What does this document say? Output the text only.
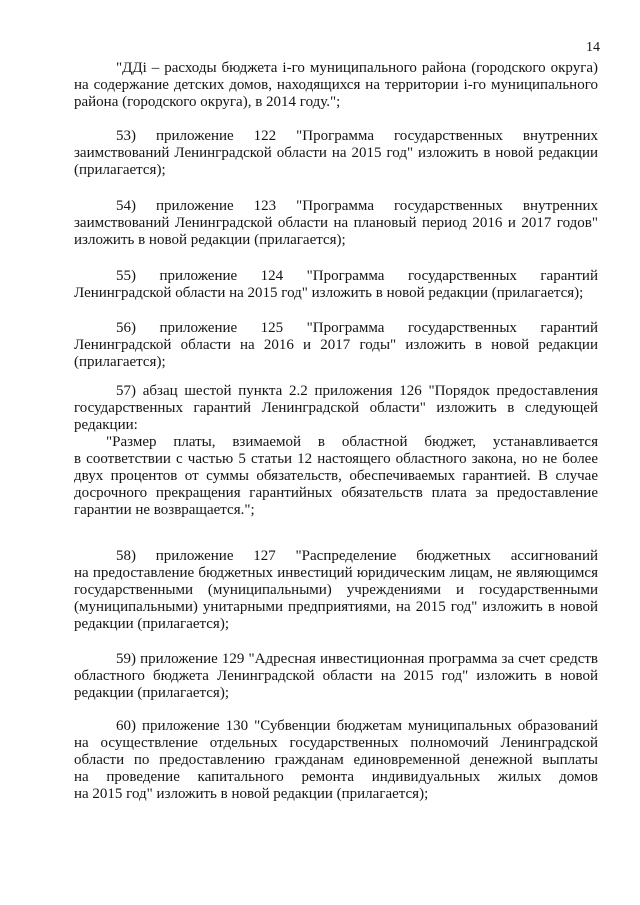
14
"ДДi – расходы бюджета i-го муниципального района (городского округа)
на содержание детских домов, находящихся на территории i-го муниципального
района (городского округа), в 2014 году.";
53) приложение 122 "Программа государственных внутренних
заимствований Ленинградской области на 2015 год" изложить в новой редакции
(прилагается);
54) приложение 123 "Программа государственных внутренних
заимствований Ленинградской области на плановый период 2016 и 2017 годов"
изложить в новой редакции (прилагается);
55) приложение 124 "Программа государственных гарантий
Ленинградской области на 2015 год" изложить в новой редакции (прилагается);
56) приложение 125 "Программа государственных гарантий
Ленинградской области на 2016 и 2017 годы" изложить в новой редакции
(прилагается);
57) абзац шестой пункта 2.2 приложения 126 "Порядок предоставления
государственных гарантий Ленинградской области" изложить в следующей
редакции:
"Размер платы, взимаемой в областной бюджет, устанавливается
в соответствии с частью 5 статьи 12 настоящего областного закона, но не более
двух процентов от суммы обязательств, обеспечиваемых гарантией. В случае
досрочного прекращения гарантийных обязательств плата за предоставление
гарантии не возвращается.";
58) приложение 127 "Распределение бюджетных ассигнований
на предоставление бюджетных инвестиций юридическим лицам, не являющимся
государственными (муниципальными) учреждениями и государственными
(муниципальными) унитарными предприятиями, на 2015 год" изложить в новой
редакции (прилагается);
59) приложение 129 "Адресная инвестиционная программа за счет средств
областного бюджета Ленинградской области на 2015 год" изложить в новой
редакции (прилагается);
60) приложение 130 "Субвенции бюджетам муниципальных образований
на осуществление отдельных государственных полномочий Ленинградской
области по предоставлению гражданам единовременной денежной выплаты
на проведение капитального ремонта индивидуальных жилых домов
на 2015 год" изложить в новой редакции (прилагается);
